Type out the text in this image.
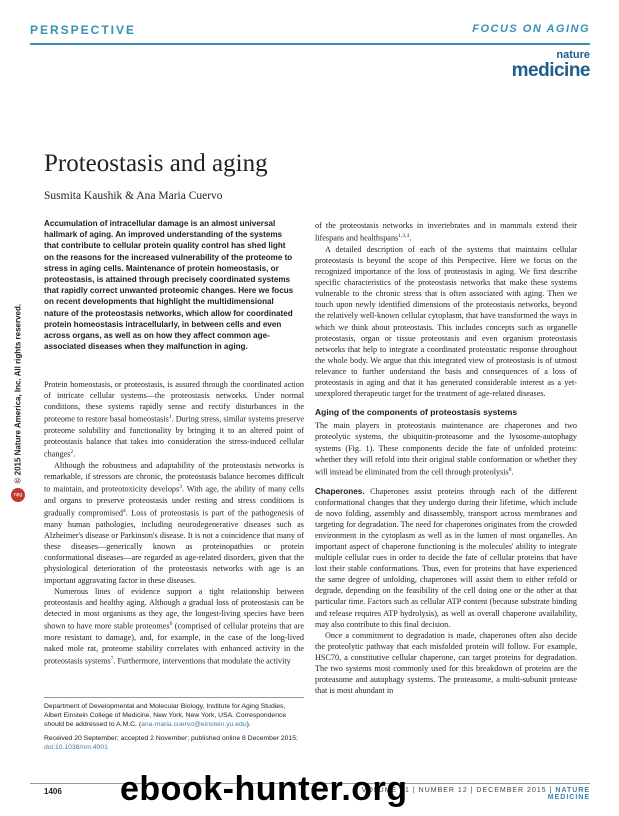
PERSPECTIVE	FOCUS ON AGING
nature
medicine
© 2015 Nature America, Inc. All rights reserved.
npg
Proteostasis and aging
Susmita Kaushik & Ana Maria Cuervo
Accumulation of intracellular damage is an almost universal hallmark of aging. An improved understanding of the systems that contribute to cellular protein quality control has shed light on the reasons for the increased vulnerability of the proteome to stress in aging cells. Maintenance of protein homeostasis, or proteostasis, is attained through precisely coordinated systems that rapidly correct unwanted proteomic changes. Here we focus on recent developments that highlight the multidimensional nature of the proteostasis networks, which allow for coordinated protein homeostasis intracellularly, in between cells and even across organs, as well as on how they affect common age-associated diseases when they malfunction in aging.

Protein homeostasis, or proteostasis, is assured through the coordinated action of intricate cellular systems—the proteostasis networks. Under normal conditions, these systems rapidly sense and rectify disturbances in the proteome to restore basal homeostasis$^1$. During stress, similar systems preserve proteome solubility and functionality by bringing it to an altered point of proteostasis balance that takes into consideration the stress-induced cellular changes$^2$.

Although the robustness and adaptability of the proteostasis networks is remarkable, if stressors are chronic, the proteostasis balance becomes difficult to maintain, and proteotoxicity develops$^3$. With age, the ability of many cells and organs to preserve proteostasis under resting and stress conditions is gradually compromised$^4$. Loss of proteostasis is part of the pathogenesis of many human pathologies, including neurodegenerative diseases such as Alzheimer's disease or Parkinson's disease. It is not a coincidence that many of these diseases—generically known as proteinopathies or protein conformational diseases—are regarded as age-related disorders, given that the physiological deterioration of the proteostasis networks with age is an important aggravating factor in these diseases.

Numerous lines of evidence support a tight relationship between proteostasis and healthy aging. Although a gradual loss of proteostasis can be detected in most organisms as they age, the longest-living species have been shown to have more stable proteomes$^6$ (comprised of cellular proteins that are more resistant to damage), and, for example, in the case of the long-lived naked mole rat, proteome stability correlates with enhanced activity in the proteostasis systems$^7$. Furthermore, interventions that modulate the activity

of the proteostasis networks in invertebrates and in mammals extend their lifespans and healthspans$^{1,3,4}$.

A detailed description of each of the systems that maintains cellular proteostasis is beyond the scope of this Perspective. Here we focus on the recognized importance of the loss of proteostasis in aging. We first describe specific characteristics of the proteostasis networks that make these systems vulnerable to the chronic stress that is often associated with aging. Then we touch upon newly identified dimensions of the proteostasis networks, beyond the relatively well-known cellular cytoplasm, that have transformed the ways in which we think about proteostasis. This includes concepts such as organelle proteostasis, organ or tissue proteostasis and even organism proteostasis networks that help to integrate a coordinated proteostatic response throughout the whole body. We argue that this integrated view of proteostasis is of utmost relevance to further understand the basis and consequences of a loss of proteostasis in aging and that it has generated considerable interest as a yet-unexplored therapeutic target for the treatment of age-related diseases.

Aging of the components of proteostasis systems

The main players in proteostasis maintenance are chaperones and two proteolytic systems, the ubiquitin-proteasome and the lysosome-autophagy systems (Fig. 1). These components decide the fate of unfolded proteins: whether they will refold into their original stable conformation or whether they will instead be eliminated from the cell through proteolysis$^8$.

Chaperones. Chaperones assist proteins through each of the different conformational changes that they undergo during their lifetime, which include de novo folding, assembly and disassembly, transport across membranes and targeting for degradation. The need for chaperones originates from the crowded environment in the cytoplasm as well as in the lumen of most organelles. An important aspect of chaperone functioning is the molecules' ability to integrate multiple cellular cues in order to decide the fate of cellular proteins that have lost their stable conformations. Thus, even for proteins that have experienced the same degree of unfolding, chaperones will assist them to either refold or degrade, depending on the feasibility of the cell doing one or the other at that particular time. Factors such as cellular ATP content (because substrate binding and release requires ATP hydrolysis), as well as overall chaperone availability, may also contribute to this final decision.

Once a commitment to degradation is made, chaperones often also decide the proteolytic pathway that each misfolded protein will follow. For example, HSC70, a constitutive cellular chaperone, can target proteins for degradation. The two systems most commonly used for this breakdown of proteins are the proteasome and autophagy systems. The proteasome, a multi-subunit protease that is most abundant in

Department of Developmental and Molecular Biology, Institute for Aging Studies, Albert Einstein College of Medicine, New York, New York, USA. Correspondence should be addressed to A.M.C. (ana-maria.cuervo@einstein.yu.edu).
Received 20 September; accepted 2 November; published online 8 December 2015; doi:10.1038/nm.4001
1406	VOLUME 21 | NUMBER 12 | DECEMBER 2015 | NATURE MEDICINE
ebook-hunter.org
